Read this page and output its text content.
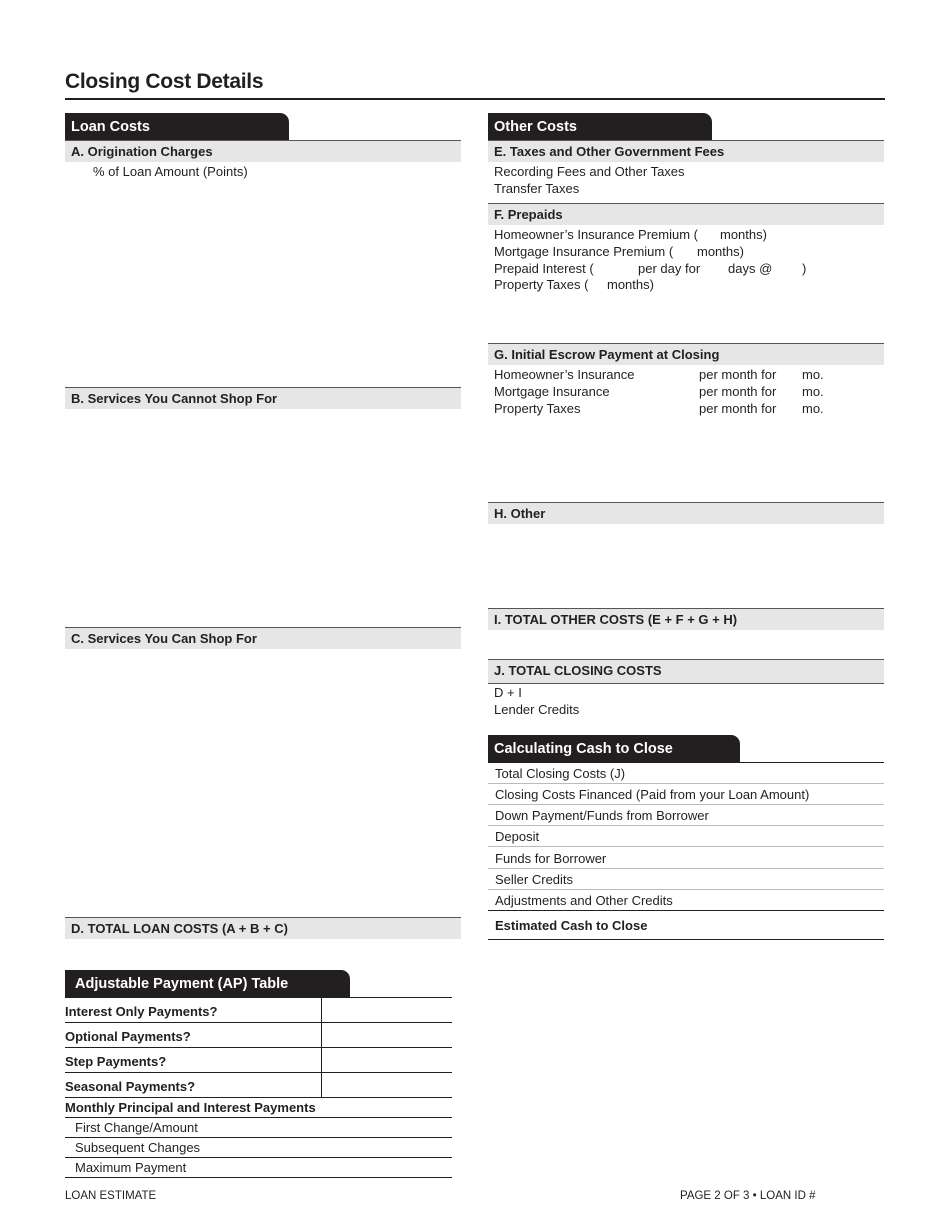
Closing Cost Details
Loan Costs
A. Origination Charges
% of Loan Amount (Points)
B. Services You Cannot Shop For
C. Services You Can Shop For
D. TOTAL LOAN COSTS (A + B + C)
Other Costs
E. Taxes and Other Government Fees
Recording Fees and Other Taxes
Transfer Taxes
F. Prepaids
Homeowner’s Insurance Premium ( months)
Mortgage Insurance Premium ( months)
Prepaid Interest (	per day for days @ )
Property Taxes ( months)
G. Initial Escrow Payment at Closing
Homeowner’s Insurance	per month for mo.
Mortgage Insurance	per month for mo.
Property Taxes	per month for mo.
H. Other
I. TOTAL OTHER COSTS (E + F + G + H)
J. TOTAL CLOSING COSTS
D + I
Lender Credits
Calculating Cash to Close
Total Closing Costs (J)
Closing Costs Financed (Paid from your Loan Amount)
Down Payment/Funds from Borrower
Deposit
Funds for Borrower
Seller Credits
Adjustments and Other Credits
Estimated Cash to Close
Adjustable Payment (AP) Table
Interest Only Payments?
Optional Payments?
Step Payments?
Seasonal Payments?
Monthly Principal and Interest Payments
First Change/Amount
Subsequent Changes
Maximum Payment
LOAN ESTIMATE	PAGE 2 OF 3 • LOAN ID #
